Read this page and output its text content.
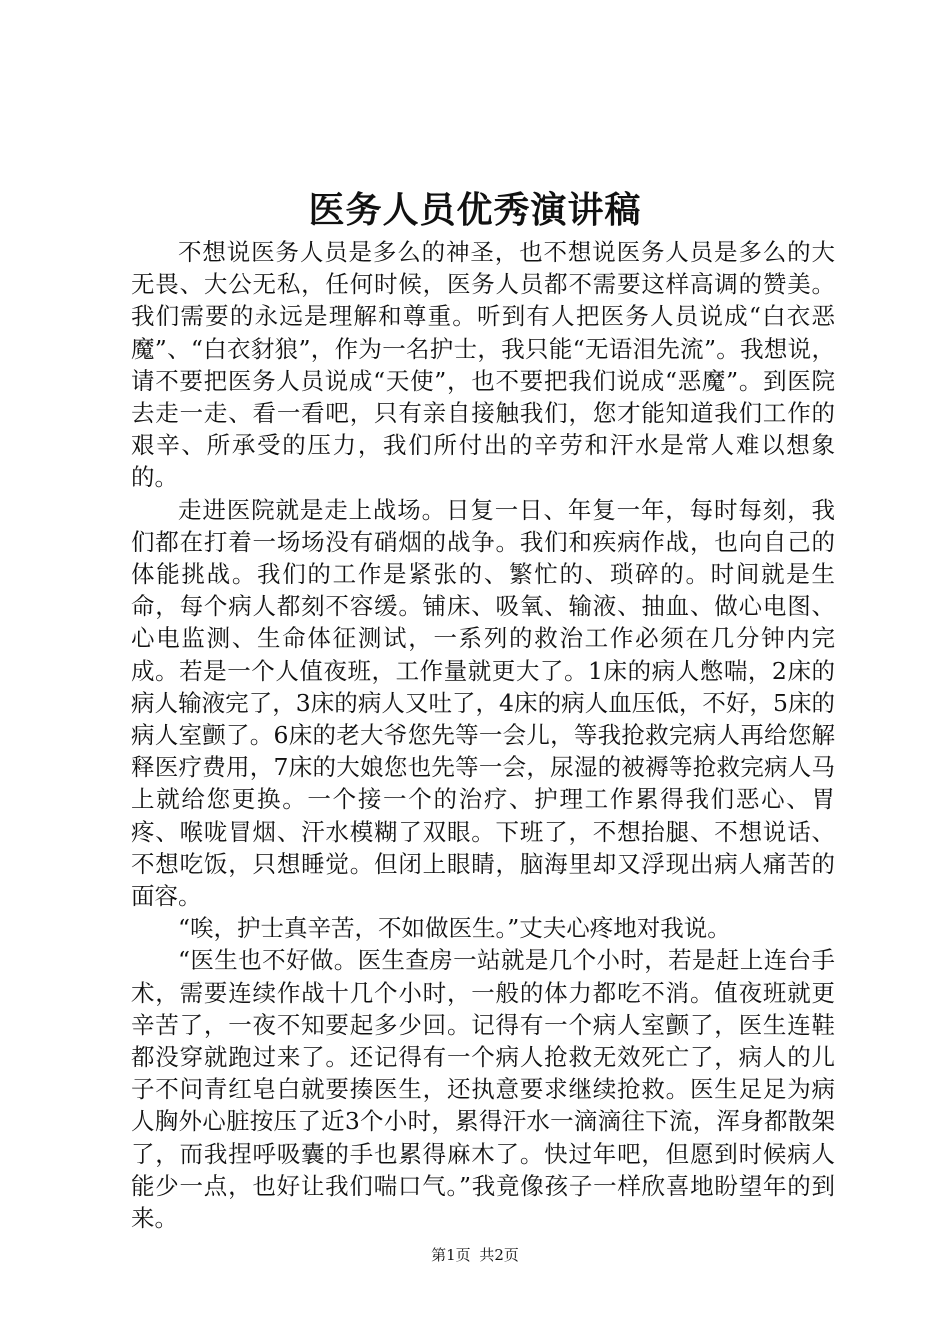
医务人员优秀演讲稿

不想说医务人员是多么的神圣，也不想说医务人员是多么的大无畏、大公无私，任何时候，医务人员都不需要这样高调的赞美。我们需要的永远是理解和尊重。听到有人把医务人员说成“白衣恶魔”、“白衣豺狼”，作为一名护士，我只能“无语泪先流”。我想说，请不要把医务人员说成“天使”，也不要把我们说成“恶魔”。到医院去走一走、看一看吧，只有亲自接触我们，您才能知道我们工作的艰辛、所承受的压力，我们所付出的辛劳和汗水是常人难以想象的。

走进医院就是走上战场。日复一日、年复一年，每时每刻，我们都在打着一场场没有硝烟的战争。我们和疾病作战，也向自己的体能挑战。我们的工作是紧张的、繁忙的、琐碎的。时间就是生命，每个病人都刻不容缓。铺床、吸氧、输液、抽血、做心电图、心电监测、生命体征测试，一系列的救治工作必须在几分钟内完成。若是一个人值夜班，工作量就更大了。1床的病人憋喘，2床的病人输液完了，3床的病人又吐了，4床的病人血压低，不好，5床的病人室颤了。6床的老大爷您先等一会儿，等我抢救完病人再给您解释医疗费用，7床的大娘您也先等一会，尿湿的被褥等抢救完病人马上就给您更换。一个接一个的治疗、护理工作累得我们恶心、胃疼、喉咙冒烟、汗水模糊了双眼。下班了，不想抬腿、不想说话、不想吃饭，只想睡觉。但闭上眼睛，脑海里却又浮现出病人痛苦的面容。

“唉，护士真辛苦，不如做医生。”丈夫心疼地对我说。

“医生也不好做。医生查房一站就是几个小时，若是赶上连台手术，需要连续作战十几个小时，一般的体力都吃不消。值夜班就更辛苦了，一夜不知要起多少回。记得有一个病人室颤了，医生连鞋都没穿就跑过来了。还记得有一个病人抢救无效死亡了，病人的儿子不问青红皂白就要揍医生，还执意要求继续抢救。医生足足为病人胸外心脏按压了近3个小时，累得汗水一滴滴往下流，浑身都散架了，而我捏呼吸囊的手也累得麻木了。快过年吧，但愿到时候病人能少一点，也好让我们喘口气。”我竟像孩子一样欣喜地盼望年的到来。

第1页 共2页
